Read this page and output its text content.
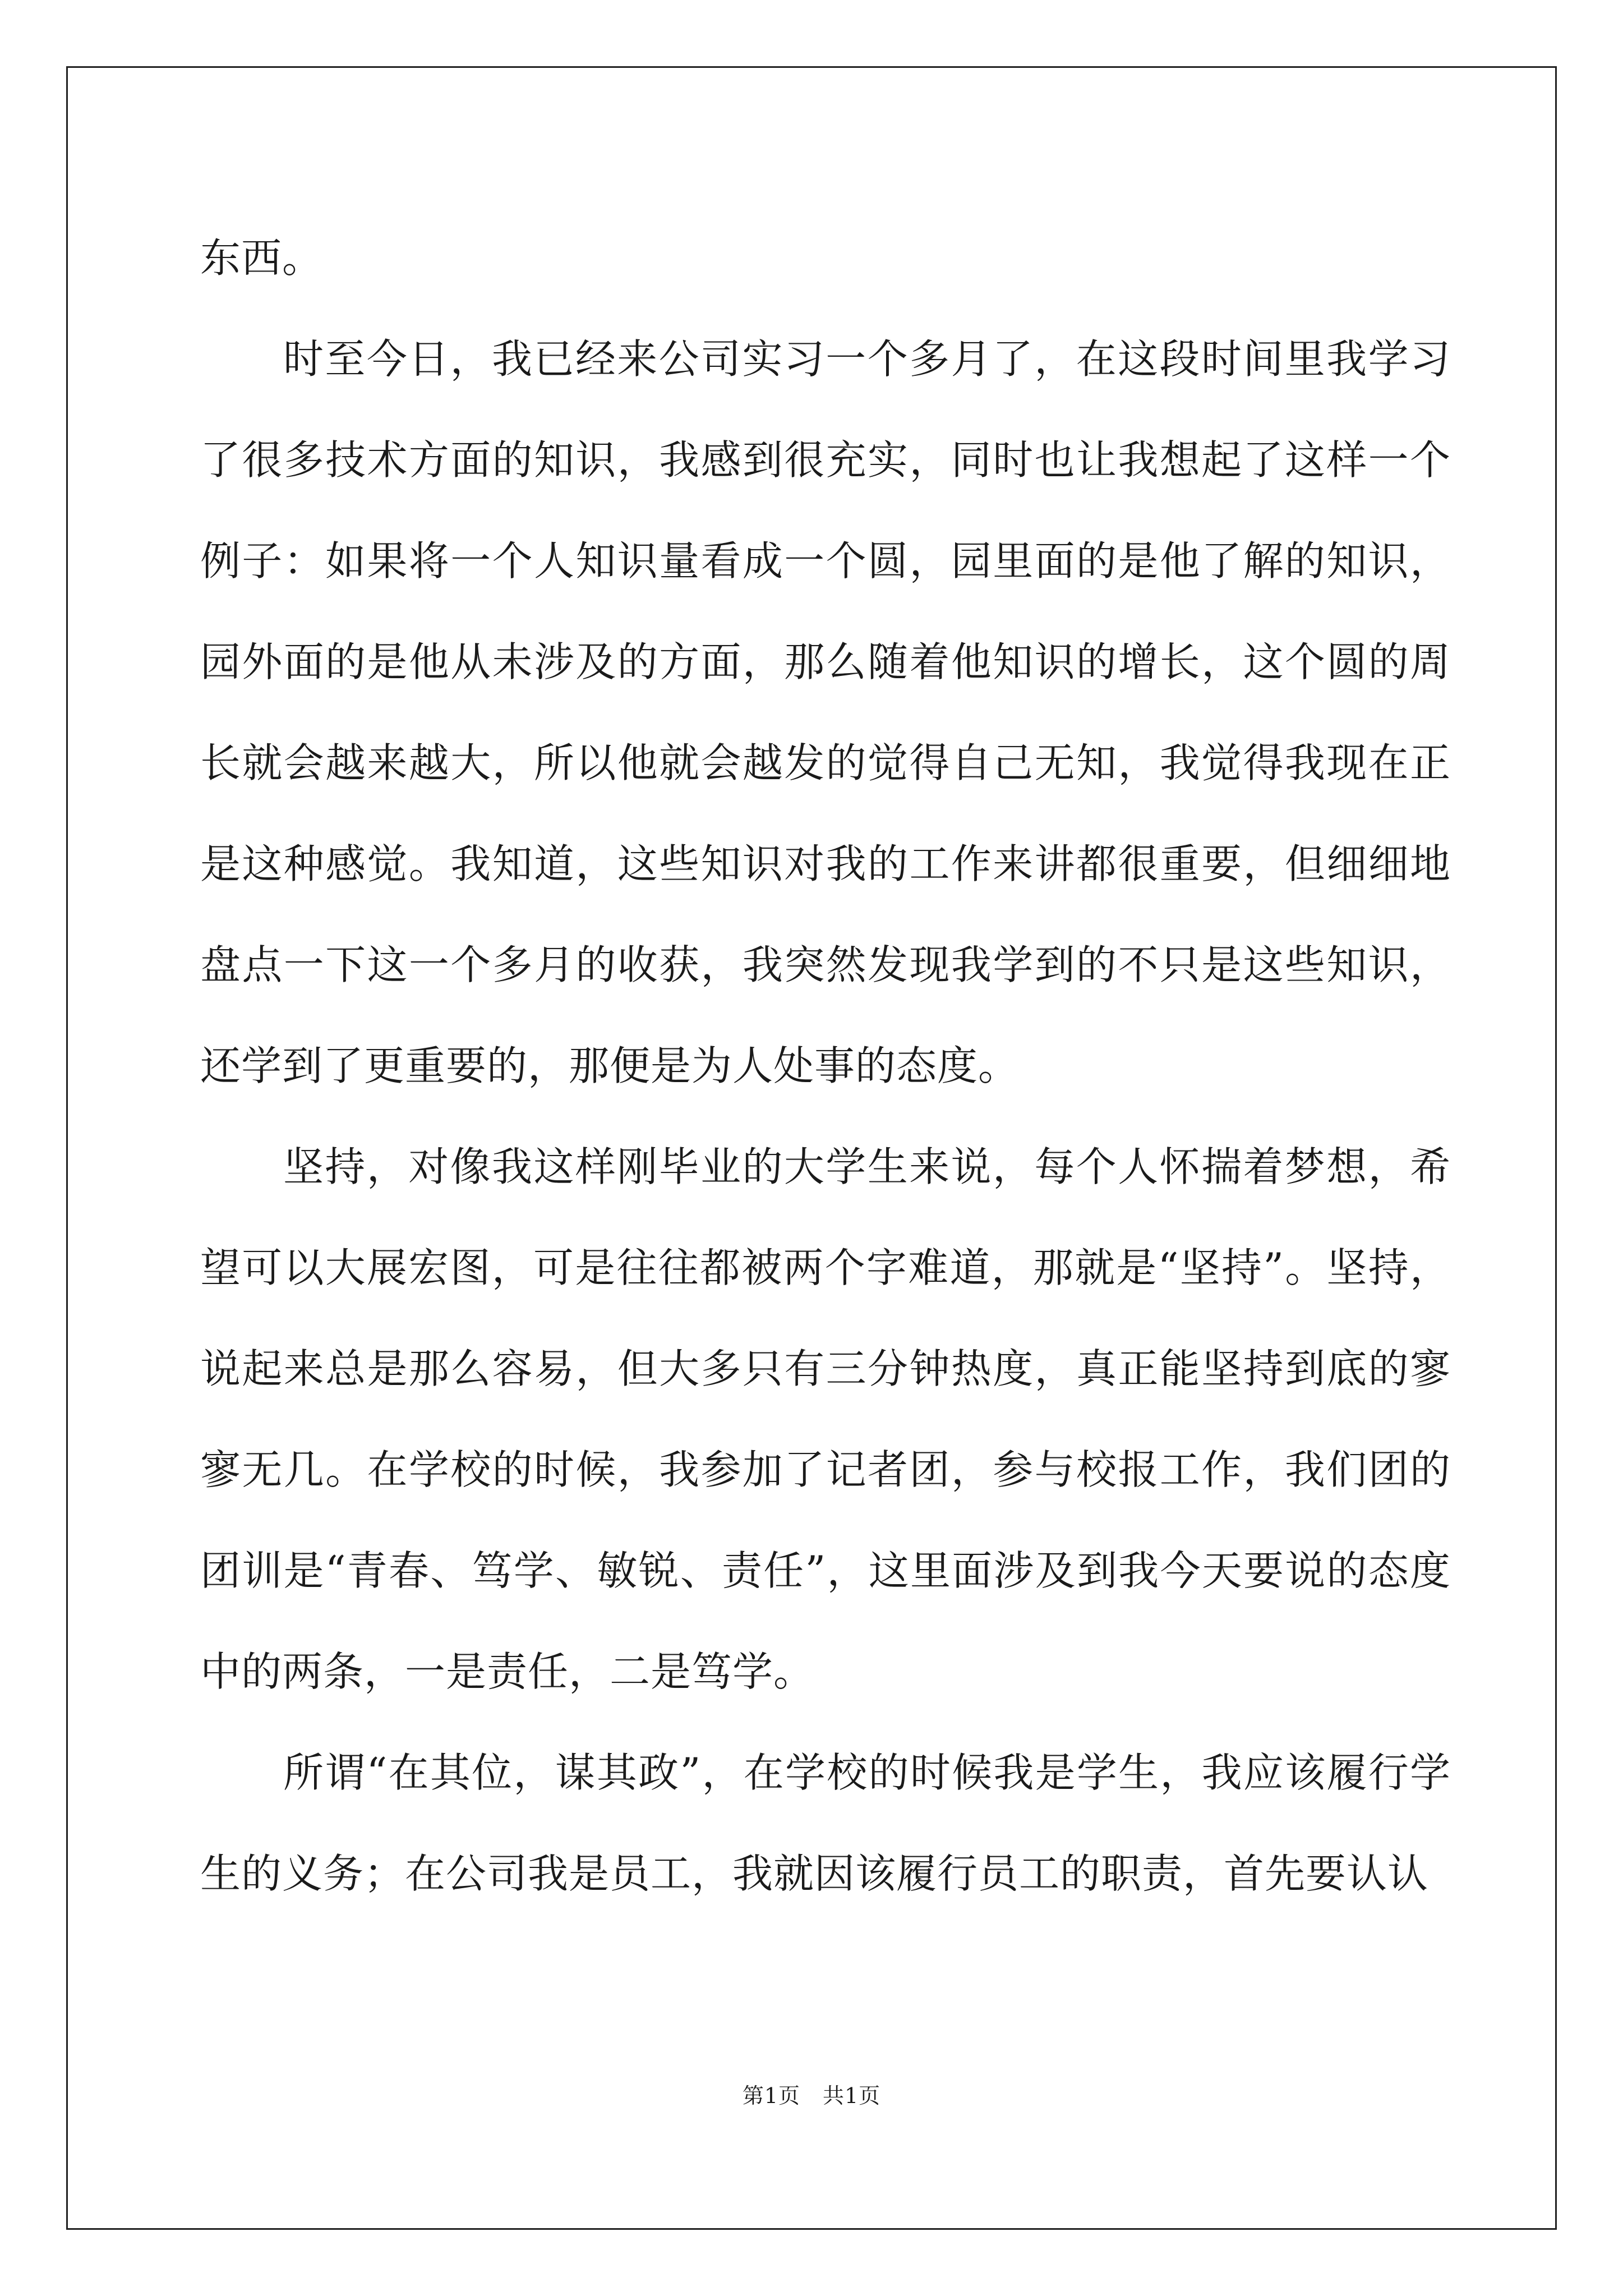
东西。

时至今日，我已经来公司实习一个多月了，在这段时间里我学习了很多技术方面的知识，我感到很充实，同时也让我想起了这样一个例子：如果将一个人知识量看成一个圆，园里面的是他了解的知识，园外面的是他从未涉及的方面，那么随着他知识的增长，这个圆的周长就会越来越大，所以他就会越发的觉得自己无知，我觉得我现在正是这种感觉。我知道，这些知识对我的工作来讲都很重要，但细细地盘点一下这一个多月的收获，我突然发现我学到的不只是这些知识，还学到了更重要的，那便是为人处事的态度。

坚持，对像我这样刚毕业的大学生来说，每个人怀揣着梦想，希望可以大展宏图，可是往往都被两个字难道，那就是“坚持”。坚持，说起来总是那么容易，但大多只有三分钟热度，真正能坚持到底的寥寥无几。在学校的时候，我参加了记者团，参与校报工作，我们团的团训是“青春、笃学、敏锐、责任”，这里面涉及到我今天要说的态度中的两条，一是责任，二是笃学。

所谓“在其位，谋其政”，在学校的时候我是学生，我应该履行学生的义务；在公司我是员工，我就因该履行员工的职责，首先要认认

第1页 共1页
